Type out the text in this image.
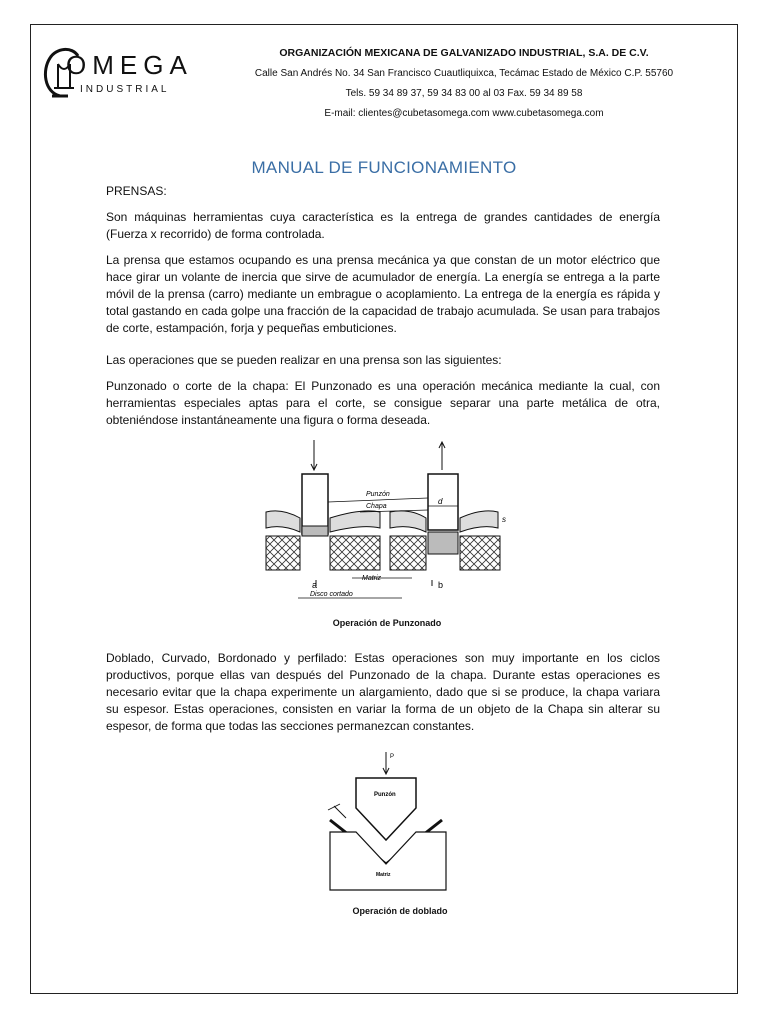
OMEGA
INDUSTRIAL
ORGANIZACIÓN MEXICANA DE GALVANIZADO INDUSTRIAL, S.A. DE C.V.
Calle San Andrés No. 34 San Francisco Cuautliquixca, Tecámac Estado de México C.P. 55760
Tels. 59 34 89 37, 59 34 83 00 al 03 Fax. 59 34 89 58
E-mail: clientes@cubetasomega.com www.cubetasomega.com
MANUAL DE FUNCIONAMIENTO
PRENSAS:
Son máquinas herramientas cuya característica es la entrega de grandes cantidades de energía (Fuerza x recorrido) de forma controlada.
La prensa que estamos ocupando es una prensa mecánica ya que constan de un motor eléctrico que hace girar un volante de inercia que sirve de acumulador de energía. La energía se entrega a la parte móvil de la prensa (carro) mediante un embrague o acoplamiento. La entrega de la energía es rápida y total gastando en cada golpe una fracción de la capacidad de trabajo acumulada. Se usan para trabajos de corte, estampación, forja y pequeñas embuticiones.
Las operaciones que se pueden realizar en una prensa son las siguientes:
Punzonado o corte de la chapa: El Punzonado es una operación mecánica mediante la cual, con herramientas especiales aptas para el corte, se consigue separar una parte metálica de otra, obteniéndose instantáneamente una figura o forma deseada.
Punzón
Chapa
d
s
a	b
Matriz
Disco cortado
Operación de Punzonado
Doblado, Curvado, Bordonado y perfilado: Estas operaciones son muy importante en los ciclos productivos, porque ellas van después del Punzonado de la chapa. Durante estas operaciones es necesario evitar que la chapa experimente un alargamiento, dado que si se produce, la chapa variara su espesor. Estas operaciones, consisten en variar la forma de un objeto de la Chapa sin alterar su espesor, de forma que todas las secciones permanezcan constantes.
P
Punzón
Matriz
Operación de doblado
